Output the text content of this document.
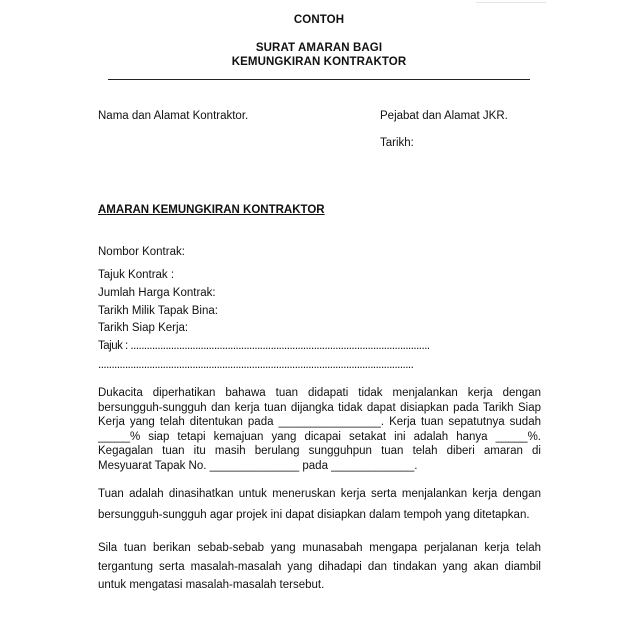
CONTOH
SURAT AMARAN BAGI
KEMUNGKIRAN KONTRAKTOR
Nama dan Alamat Kontraktor.	Pejabat dan Alamat JKR.
Tarikh:
AMARAN KEMUNGKIRAN KONTRAKTOR
Nombor Kontrak:
Tajuk Kontrak :
Jumlah Harga Kontrak:
Tarikh Milik Tapak Bina:
Tarikh Siap Kerja:
Tajuk : ...............................................................................................................
.....................................................................................................................
Dukacita diperhatikan bahawa tuan didapati tidak menjalankan kerja dengan
bersungguh-sungguh dan kerja tuan dijangka tidak dapat disiapkan pada Tarikh Siap
Kerja yang telah ditentukan pada ________________. Kerja tuan sepatutnya sudah
_____% siap tetapi kemajuan yang dicapai setakat ini adalah hanya _____%.
Kegagalan tuan itu masih berulang sungguhpun tuan telah diberi amaran di
Mesyuarat Tapak No. ______________ pada _____________.
Tuan adalah dinasihatkan untuk meneruskan kerja serta menjalankan kerja dengan
bersungguh-sungguh agar projek ini dapat disiapkan dalam tempoh yang ditetapkan.
Sila tuan berikan sebab-sebab yang munasabah mengapa perjalanan kerja telah
tergantung serta masalah-masalah yang dihadapi dan tindakan yang akan diambil
untuk mengatasi masalah-masalah tersebut.
